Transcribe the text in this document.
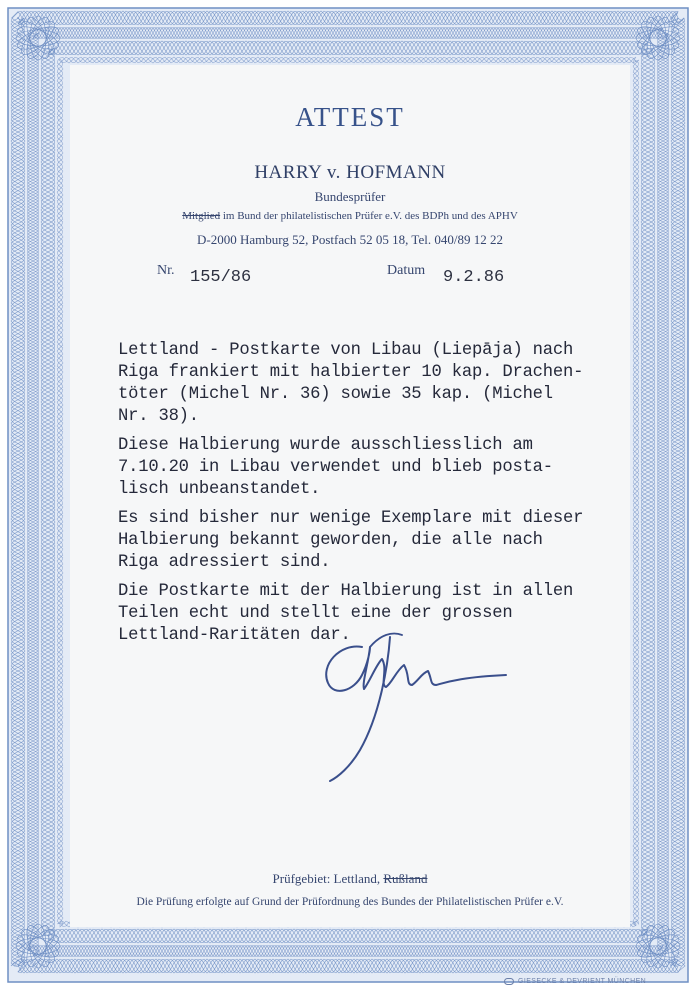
ATTEST
HARRY v. HOFMANN
Bundesprüfer
Mitglied im Bund der philatelistischen Prüfer e.V. des BDPh und des APHV
D-2000 Hamburg 52, Postfach 52 05 18, Tel. 040/89 12 22
Nr. 155/86	Datum 9.2.86

Lettland - Postkarte von Libau (Liepāja) nach
Riga frankiert mit halbierter 10 kap. Drachen-
töter (Michel Nr. 36) sowie 35 kap. (Michel
Nr. 38).

Diese Halbierung wurde ausschliesslich am
7.10.20 in Libau verwendet und blieb posta-
lisch unbeanstandet.

Es sind bisher nur wenige Exemplare mit dieser
Halbierung bekannt geworden, die alle nach
Riga adressiert sind.

Die Postkarte mit der Halbierung ist in allen
Teilen echt und stellt eine der grossen
Lettland-Raritäten dar.

Prüfgebiet: Lettland, Rußland
Die Prüfung erfolgte auf Grund der Prüfordnung des Bundes der Philatelistischen Prüfer e.V.
GIESECKE & DEVRIENT MÜNCHEN
